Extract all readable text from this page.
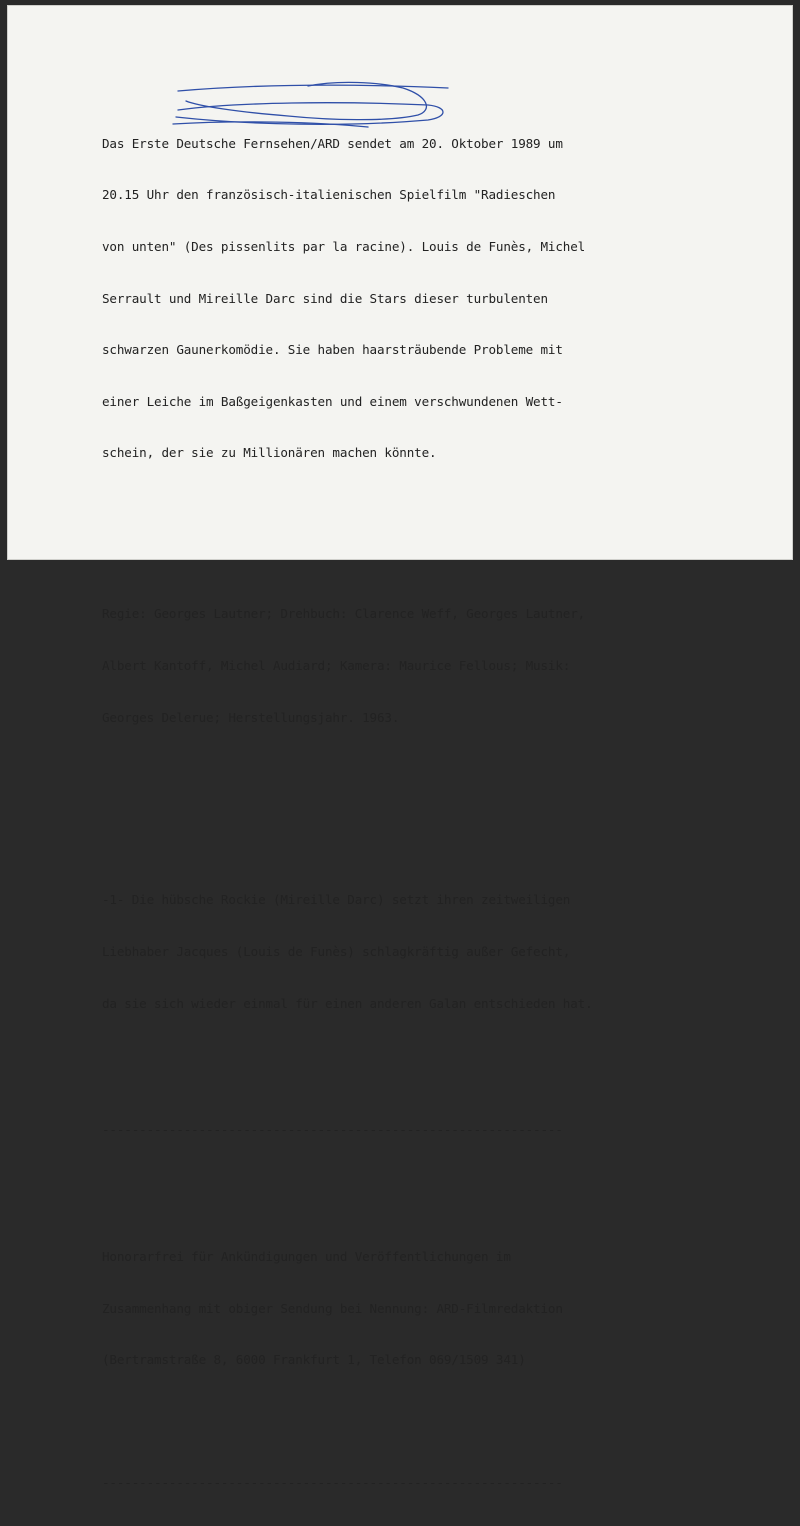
Das Erste Deutsche Fernsehen/ARD sendet am 20. Oktober 1989 um

20.15 Uhr den französisch-italienischen Spielfilm "Radieschen

von unten" (Des pissenlits par la racine). Louis de Funès, Michel

Serrault und Mireille Darc sind die Stars dieser turbulenten

schwarzen Gaunerkomödie. Sie haben haarsträubende Probleme mit

einer Leiche im Baßgeigenkasten und einem verschwundenen Wett-

schein, der sie zu Millionären machen könnte.

Regie: Georges Lautner; Drehbuch: Clarence Weff, Georges Lautner,

Albert Kantoff, Michel Audiard; Kamera: Maurice Fellous; Musik:

Georges Delerue; Herstellungsjahr. 1963.

-1- Die hübsche Rockie (Mireille Darc) setzt ihren zeitweiligen

Liebhaber Jacques (Louis de Funès) schlagkräftig außer Gefecht,

da sie sich wieder einmal für einen anderen Galan entschieden hat.

--------------------------------------------------------------

Honorarfrei für Ankündigungen und Veröffentlichungen im

Zusammenhang mit obiger Sendung bei Nennung: ARD-Filmredaktion

(Bertramstraße 8, 6000 Frankfurt 1, Telefon 069/1509 341)

--------------------------------------------------------------
